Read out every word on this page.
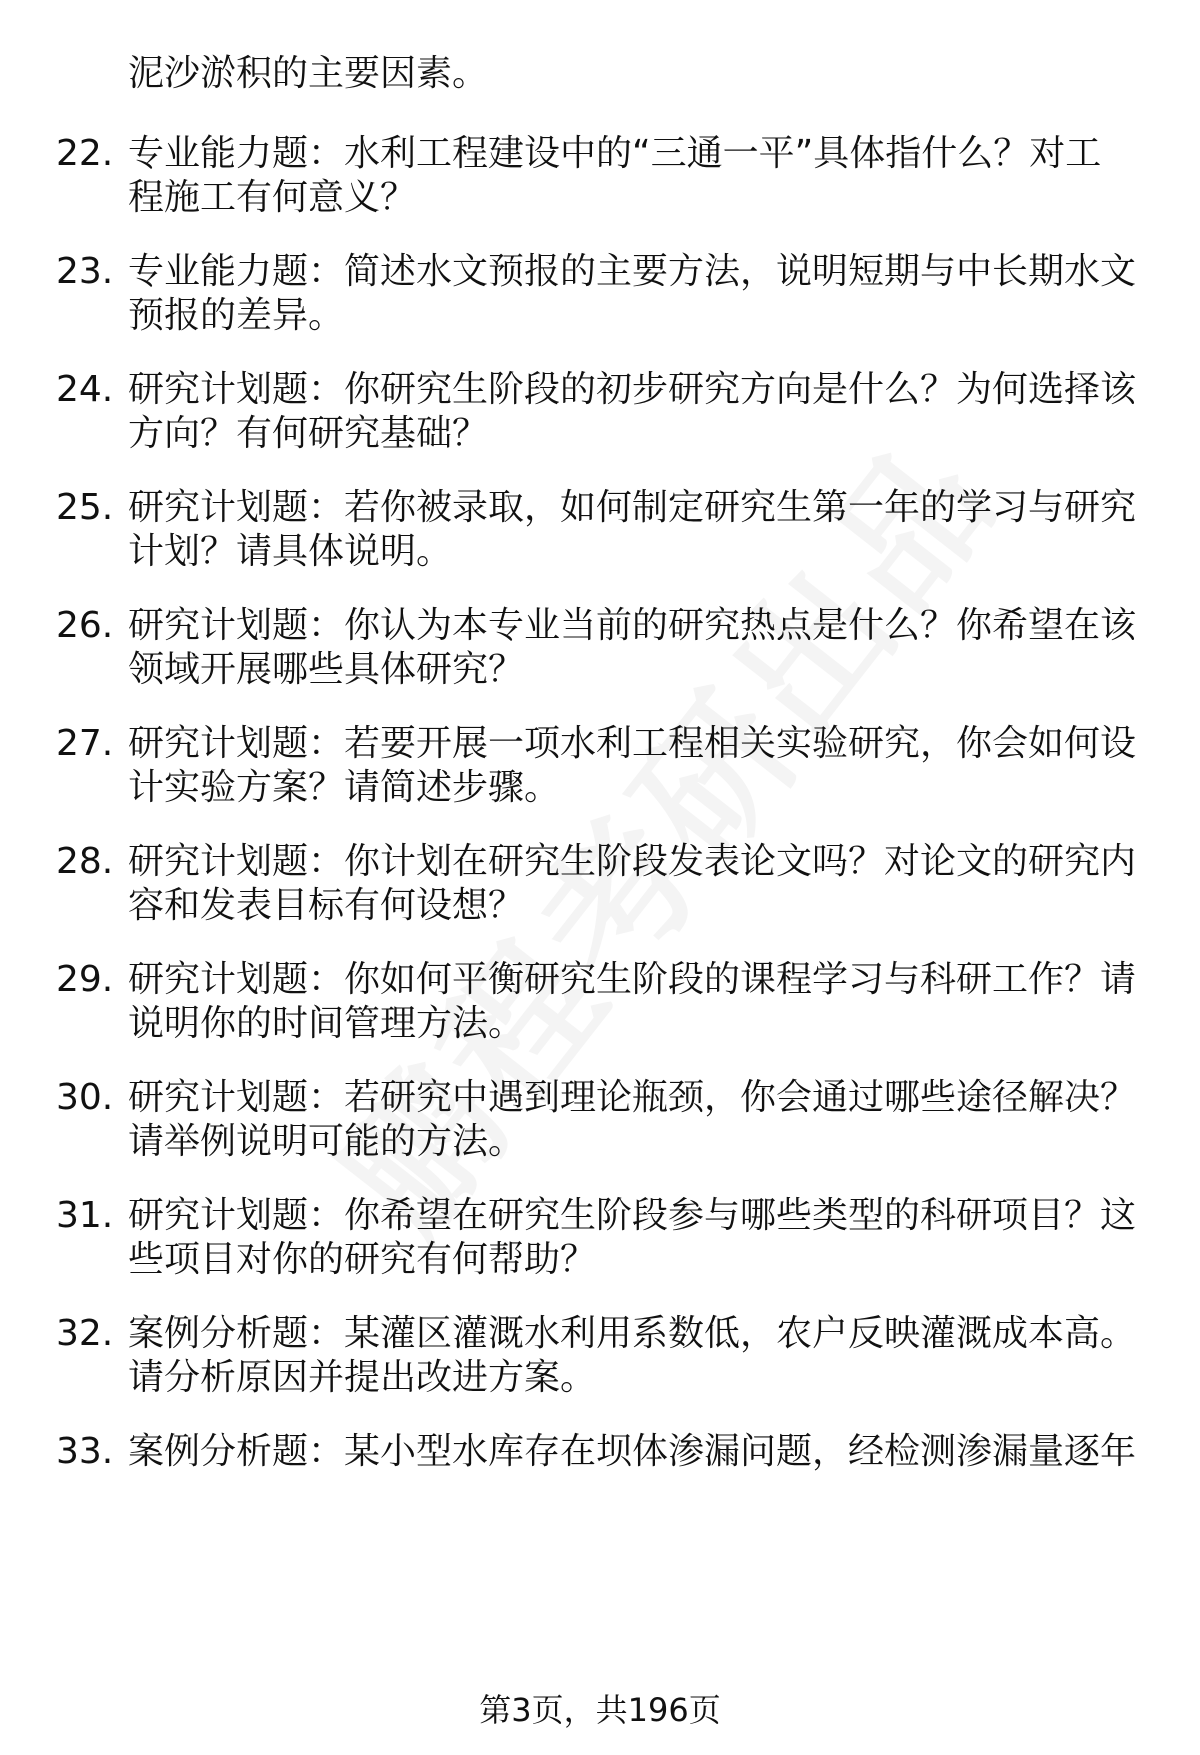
泥沙淤积的主要因素。
22. 专业能力题：水利工程建设中的“三通一平”具体指什么？对工
程施工有何意义？
23. 专业能力题：简述水文预报的主要方法，说明短期与中长期水文
预报的差异。
24. 研究计划题：你研究生阶段的初步研究方向是什么？为何选择该
方向？有何研究基础？
25. 研究计划题：若你被录取，如何制定研究生第一年的学习与研究
计划？请具体说明。
26. 研究计划题：你认为本专业当前的研究热点是什么？你希望在该
领域开展哪些具体研究？
27. 研究计划题：若要开展一项水利工程相关实验研究，你会如何设
计实验方案？请简述步骤。
28. 研究计划题：你计划在研究生阶段发表论文吗？对论文的研究内
容和发表目标有何设想？
29. 研究计划题：你如何平衡研究生阶段的课程学习与科研工作？请
说明你的时间管理方法。
30. 研究计划题：若研究中遇到理论瓶颈，你会通过哪些途径解决？
请举例说明可能的方法。
31. 研究计划题：你希望在研究生阶段参与哪些类型的科研项目？这
些项目对你的研究有何帮助？
32. 案例分析题：某灌区灌溉水利用系数低，农户反映灌溉成本高。
请分析原因并提出改进方案。
33. 案例分析题：某小型水库存在坝体渗漏问题，经检测渗漏量逐年
第3页，共196页
